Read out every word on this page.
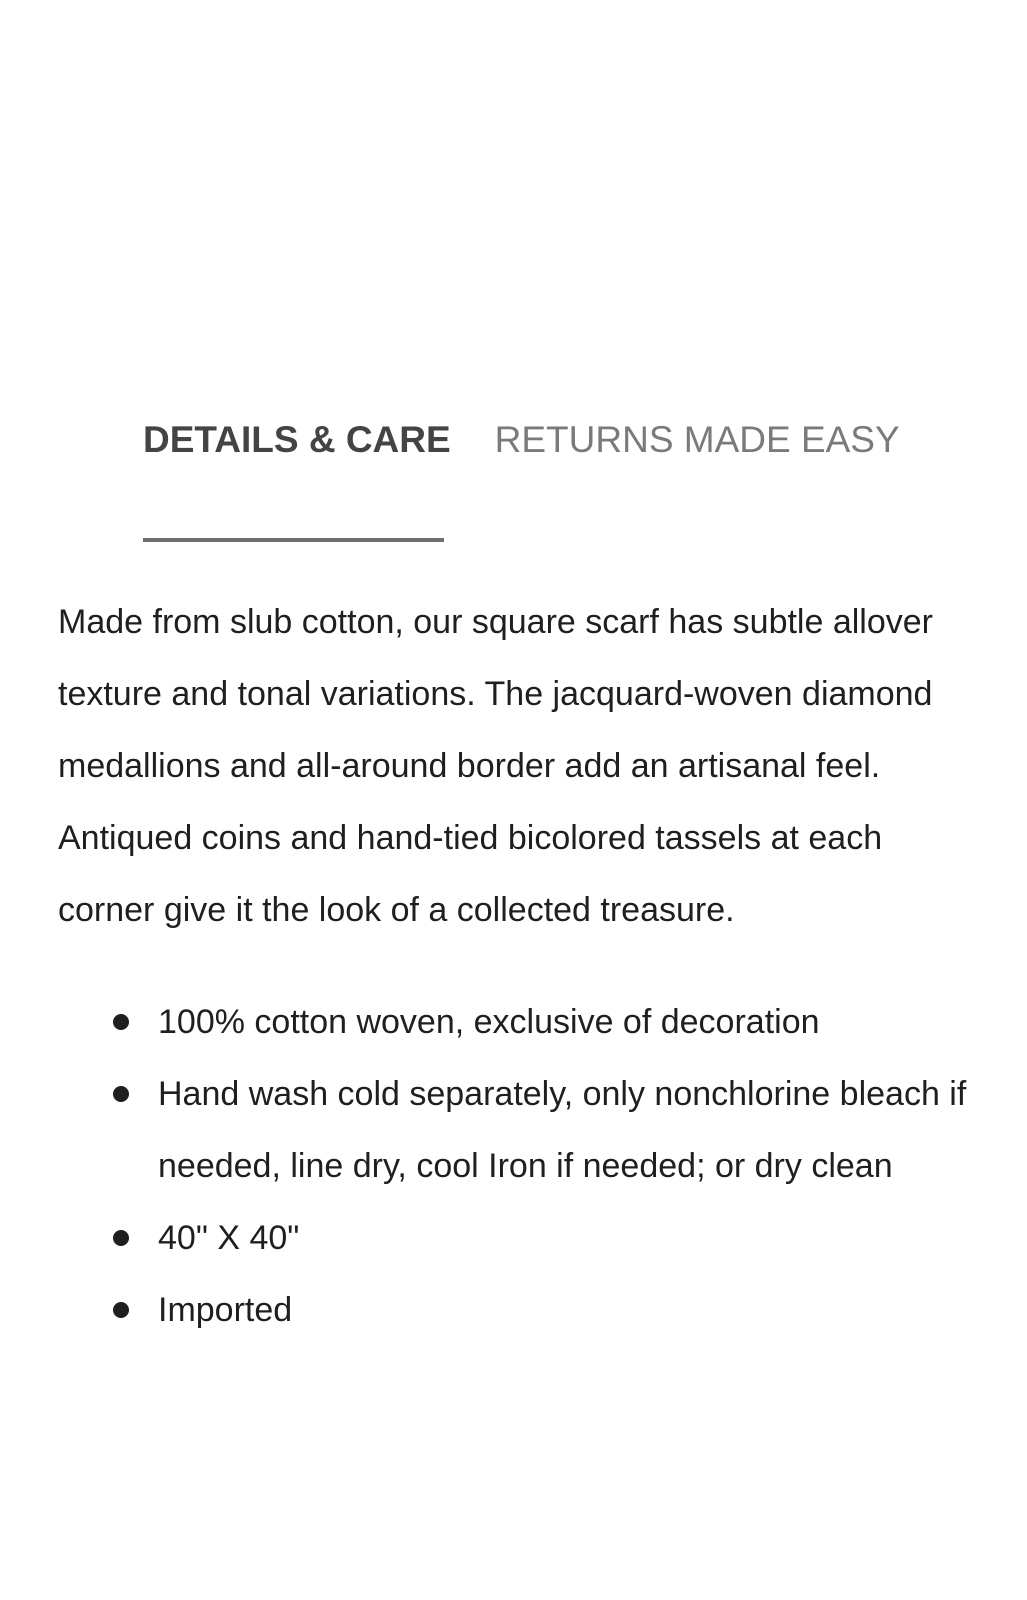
DETAILS & CARE RETURNS MADE EASY

Made from slub cotton, our square scarf has subtle allover texture and tonal variations. The jacquard-woven diamond medallions and all-around border add an artisanal feel. Antiqued coins and hand-tied bicolored tassels at each corner give it the look of a collected treasure.

100% cotton woven, exclusive of decoration
Hand wash cold separately, only nonchlorine bleach if needed, line dry, cool Iron if needed; or dry clean
40" X 40"
Imported
